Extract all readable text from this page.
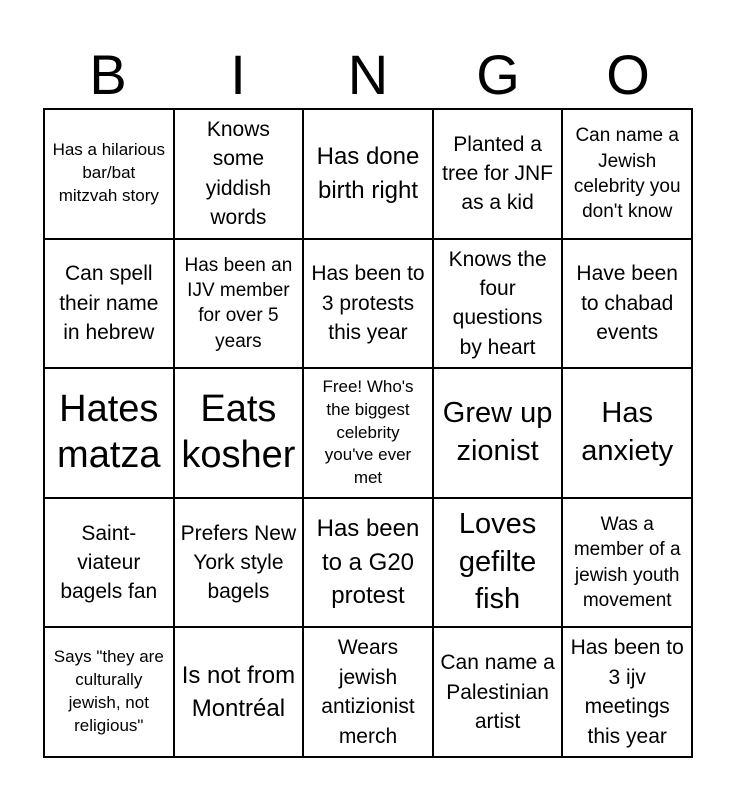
B	I	N	G	O
Has a hilarious bar/bat mitzvah story
Knows some yiddish words
Has done birth right
Planted a tree for JNF as a kid
Can name a Jewish celebrity you don't know
Can spell their name in hebrew
Has been an IJV member for over 5 years
Has been to 3 protests this year
Knows the four questions by heart
Have been to chabad events
Hates matza
Eats kosher
Free! Who's the biggest celebrity you've ever met
Grew up zionist
Has anxiety
Saint-viateur bagels fan
Prefers New York style bagels
Has been to a G20 protest
Loves gefilte fish
Was a member of a jewish youth movement
Says "they are culturally jewish, not religious"
Is not from Montréal
Wears jewish antizionist merch
Can name a Palestinian artist
Has been to 3 ijv meetings this year
